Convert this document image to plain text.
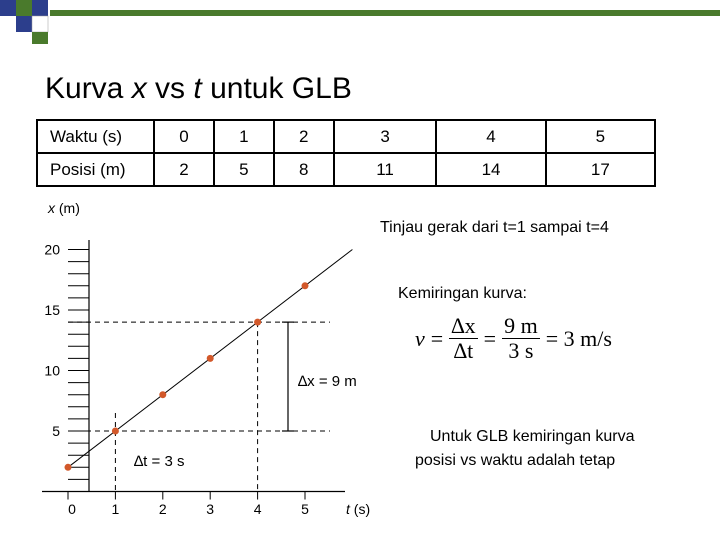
Kurva x vs t untuk GLB
Waktu (s)	0	1	2	3	4	5
Posisi (m)	2	5	8	11	14	17
Tinjau gerak dari t=1 sampai t=4
Kemiringan kurva:
Untuk GLB kemiringan kurva
posisi vs waktu adalah tetap
$v = \frac{\Delta x}{\Delta t} = \frac{9 m}{3 s} = 3$ m/s
20
15
10
5
0	1	2	3	4	5
x (m)
t (s)
∆x = 9 m
∆t = 3 s
